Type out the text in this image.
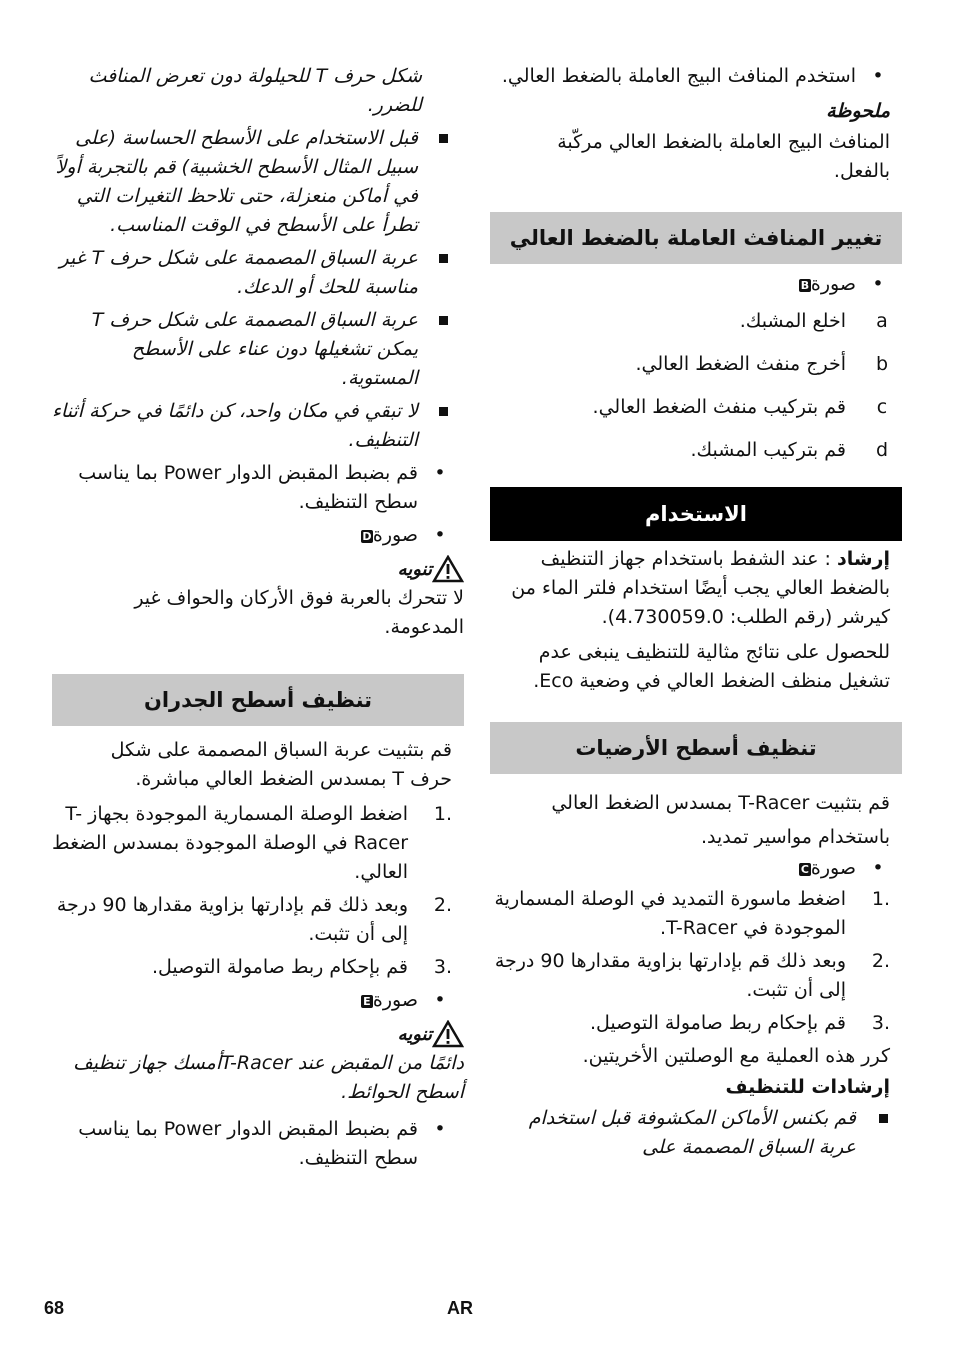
•
استخدم المنافث البيج العاملة بالضغط العالي.
ملحوظة
المنافث البيج العاملة بالضغط العالي مركّبة بالفعل.
تغيير المنافث العاملة بالضغط العالي
•
صورةB
a
اخلع المشبك.
b
أخرج منفث الضغط العالي.
c
قم بتركيب منفث الضغط العالي.
d
قم بتركيب المشبك.
الاستخدام
إرشاد : عند الشفط باستخدام جهاز التنظيف بالضغط العالي يجب أيضًا استخدام فلتر الماء من كيرشر (رقم الطلب: 4.730059.0).
للحصول على نتائج مثالية للتنظيف ينبغى عدم تشغيل منظف الضغط العالي في وضعية Eco.
تنظيف أسطح الأرضيات
قم بتثبيت T-Racer بمسدس الضغط العالي
باستخدام مواسير تمديد.
•
صورةC
1.
اضغط ماسورة التمديد في الوصلة المسمارية الموجودة في T-Racer.
2.
وبعد ذلك قم بإدارتها بزاوية مقدارها 90 درجة إلى أن تثبت.
3.
قم بإحكام ربط صامولة التوصيل.
كرر هذه العملية مع الوصلتين الأخريتين.
إرشادات للتنظيف
قم بكنس الأماكن المكشوفة قبل استخدام عربة السباق المصممة على
شكل حرف T للحيلولة دون تعرض المنافث للضرر.
قبل الاستخدام على الأسطح الحساسة (على سبيل المثال الأسطح الخشبية) قم بالتجربة أولاً في أماكن منعزلة، حتى تلاحظ التغيرات التي تطرأ على الأسطح في الوقت المناسب.
عربة السباق المصممة على شكل حرف T غير مناسبة للحك أو الدعك.
عربة السباق المصممة على شكل حرف T يمكن تشغيلها دون عناء على الأسطح المستوية.
لا تبقي في مكان واحد، كن دائمًا في حركة أثناء التنظيف.
•
قم بضبط المقبض الدوار Power بما يناسب سطح التنظيف.
•
صورةD
تنويه
لا تتحرك بالعربة فوق الأركان والحواف غير المدعومة.
تنظيف أسطح الجدران
قم بتثبيت عربة السباق المصممة على شكل حرف T بمسدس الضغط العالي مباشرة.
1.
اضغط الوصلة المسمارية الموجودة بجهاز T-Racer في الوصلة الموجودة بمسدس الضغط العالي.
2.
وبعد ذلك قم بإدارتها بزاوية مقدارها 90 درجة إلى أن تثبت.
3.
قم بإحكام ربط صامولة التوصيل.
•
صورةE
تنويه
دائمًا من المقبض عند T-Racerأمسك جهاز تنظيف أسطح الحوائط.
•
قم بضبط المقبض الدوار Power بما يناسب سطح التنظيف.
68	AR
